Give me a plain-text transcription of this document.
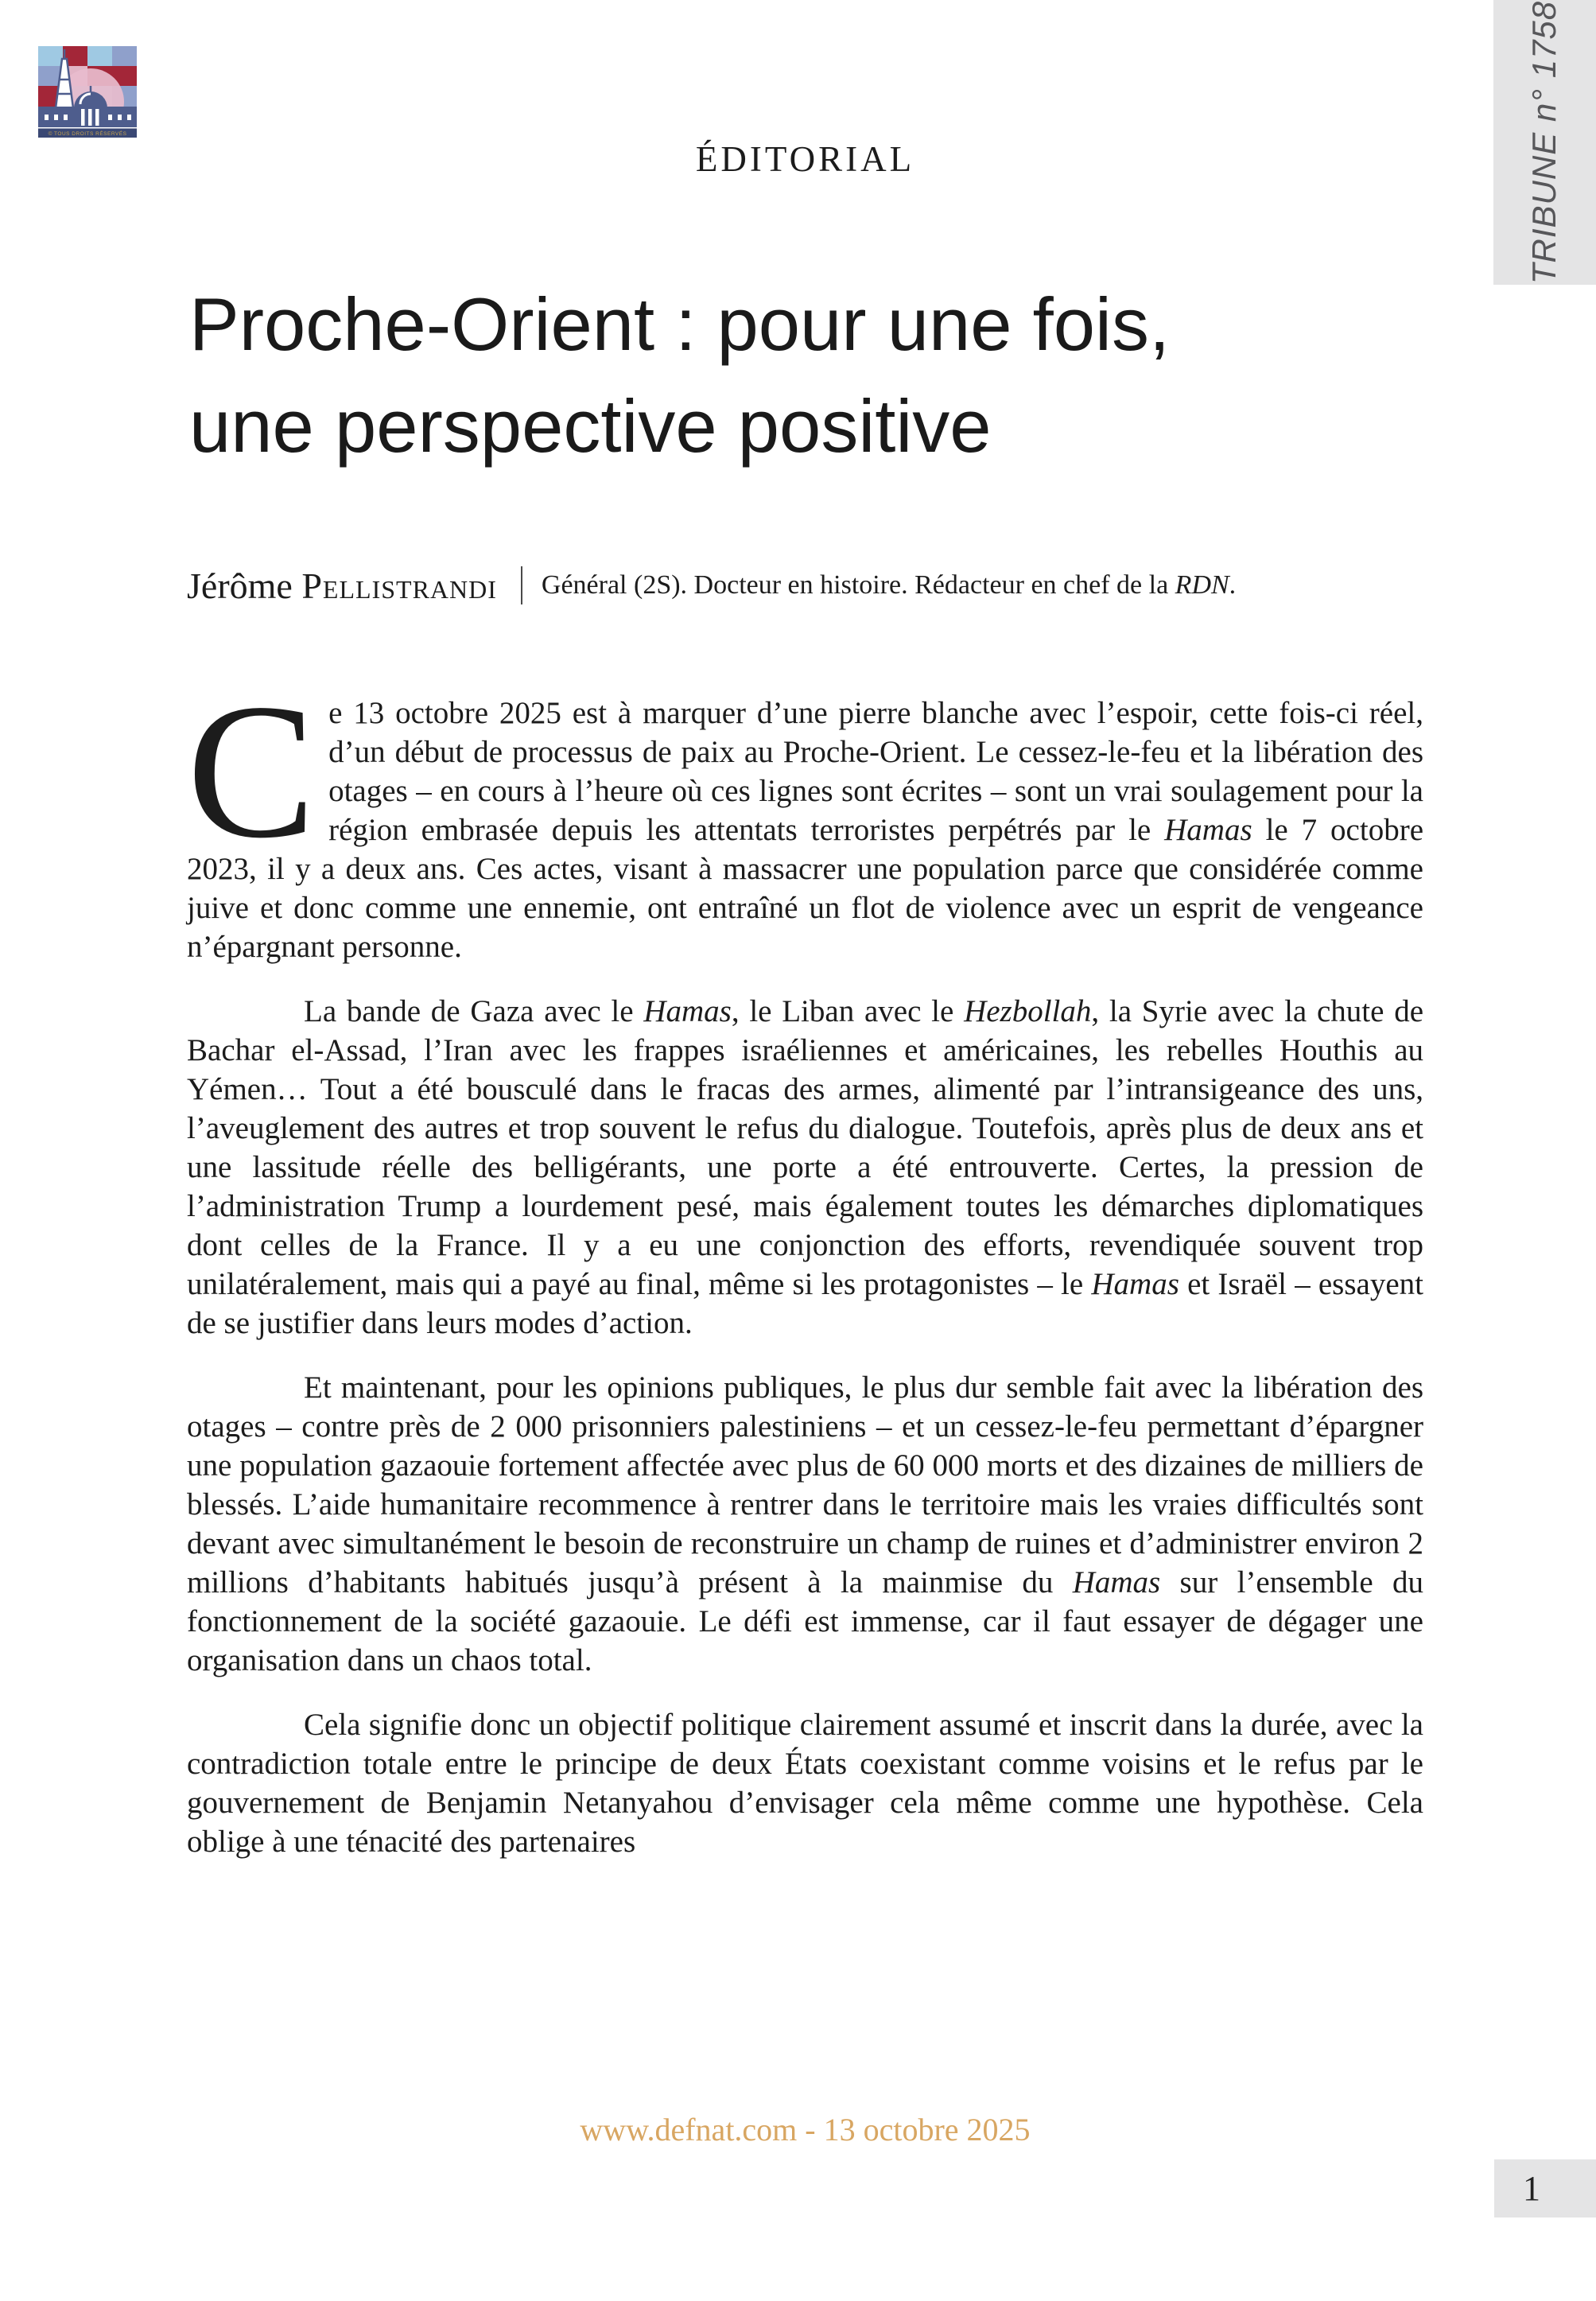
© TOUS DROITS RÉSERVÉS
ÉDITORIAL	TRIBUNE n° 1758
Proche-Orient : pour une fois,
une perspective positive
Jérôme Pellistrandi Général (2S). Docteur en histoire. Rédacteur en chef de la RDN.

Ce 13 octobre 2025 est à marquer d’une pierre blanche avec l’espoir, cette fois-ci réel, d’un début de processus de paix au Proche-Orient. Le cessez-le-feu et la libération des otages – en cours à l’heure où ces lignes sont écrites – sont un vrai soulagement pour la région embrasée depuis les attentats terroristes perpétrés par le Hamas le 7 octobre 2023, il y a deux ans. Ces actes, visant à massacrer une population parce que considérée comme juive et donc comme une ennemie, ont entraîné un flot de violence avec un esprit de vengeance n’épargnant personne.

La bande de Gaza avec le Hamas, le Liban avec le Hezbollah, la Syrie avec la chute de Bachar el-Assad, l’Iran avec les frappes israéliennes et américaines, les rebelles Houthis au Yémen… Tout a été bousculé dans le fracas des armes, alimenté par l’intransigeance des uns, l’aveuglement des autres et trop souvent le refus du dialogue. Toutefois, après plus de deux ans et une lassitude réelle des belligérants, une porte a été entrouverte. Certes, la pression de l’administration Trump a lourdement pesé, mais également toutes les démarches diplomatiques dont celles de la France. Il y a eu une conjonction des efforts, revendiquée souvent trop unilatéralement, mais qui a payé au final, même si les protagonistes – le Hamas et Israël – essayent de se justifier dans leurs modes d’action.

Et maintenant, pour les opinions publiques, le plus dur semble fait avec la libération des otages – contre près de 2 000 prisonniers palestiniens – et un cessez-le-feu permettant d’épargner une population gazaouie fortement affectée avec plus de 60 000 morts et des dizaines de milliers de blessés. L’aide humanitaire recommence à rentrer dans le territoire mais les vraies difficultés sont devant avec simultanément le besoin de reconstruire un champ de ruines et d’administrer environ 2 millions d’habitants habitués jusqu’à présent à la mainmise du Hamas sur l’ensemble du fonctionnement de la société gazaouie. Le défi est immense, car il faut essayer de dégager une organisation dans un chaos total.

Cela signifie donc un objectif politique clairement assumé et inscrit dans la durée, avec la contradiction totale entre le principe de deux États coexistant comme voisins et le refus par le gouvernement de Benjamin Netanyahou d’envisager cela même comme une hypothèse. Cela oblige à une ténacité des partenaires

www.defnat.com - 13 octobre 2025
1
